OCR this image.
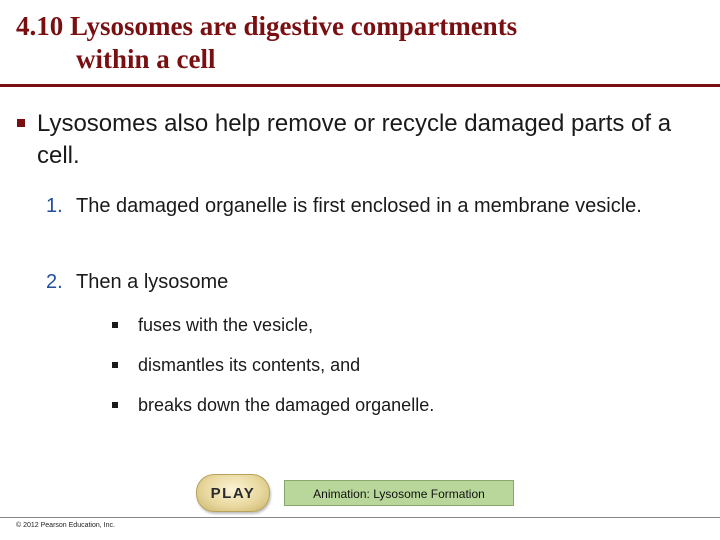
4.10 Lysosomes are digestive compartments
within a cell
Lysosomes also help remove or recycle damaged parts of a cell.
1. The damaged organelle is first enclosed in a membrane vesicle.
2. Then a lysosome
fuses with the vesicle,
dismantles its contents, and
breaks down the damaged organelle.
PLAY	Animation: Lysosome Formation
© 2012 Pearson Education, Inc.
